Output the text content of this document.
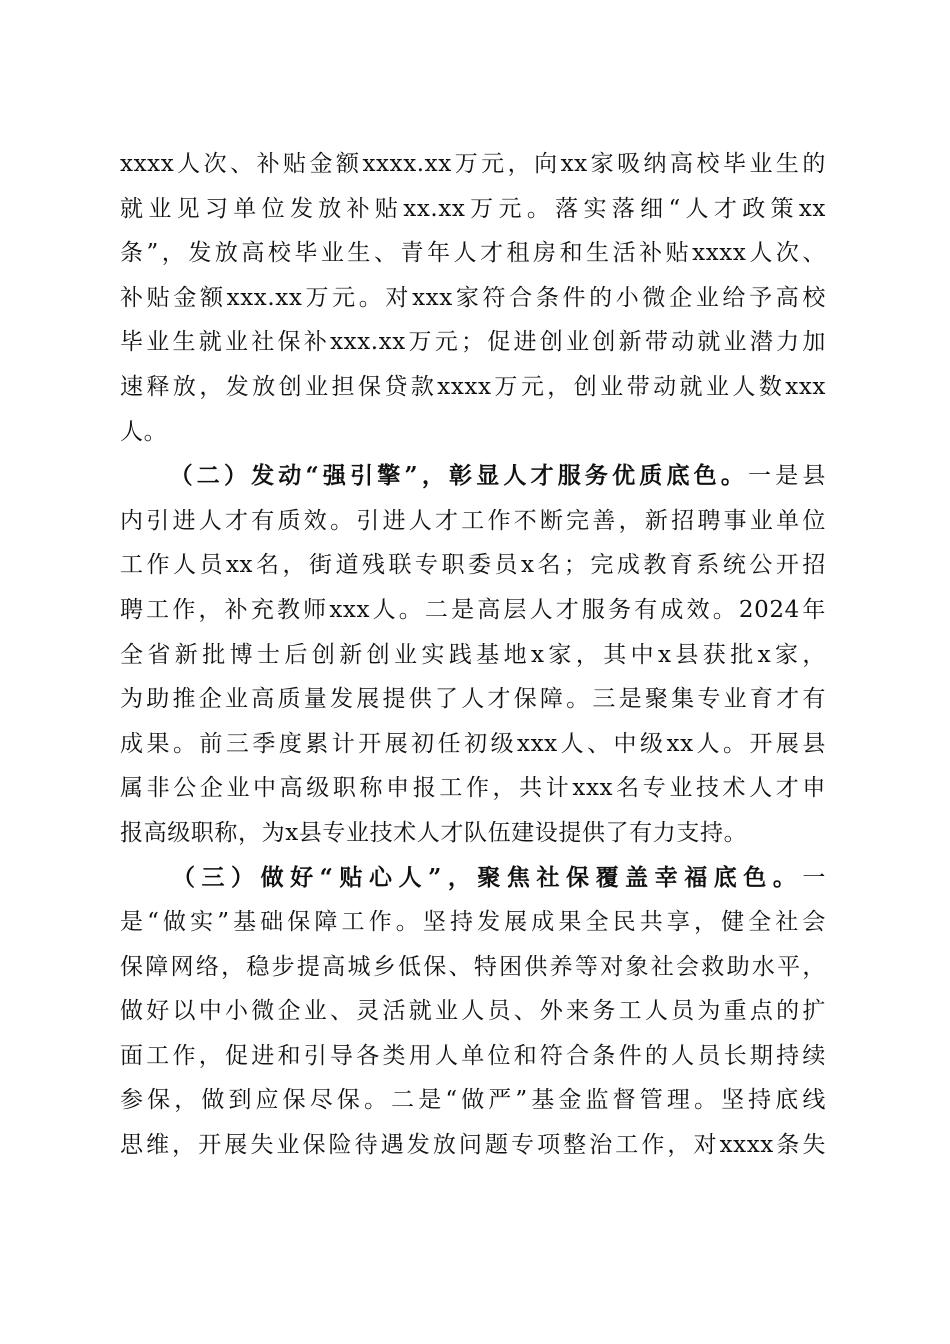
xxxx人次、补贴金额xxxx.xx万元，向xx家吸纳高校毕业生的
就业见习单位发放补贴xx.xx万元。落实落细“人才政策xx
条”，发放高校毕业生、青年人才租房和生活补贴xxxx人次、
补贴金额xxx.xx万元。对xxx家符合条件的小微企业给予高校
毕业生就业社保补xxx.xx万元；促进创业创新带动就业潜力加
速释放，发放创业担保贷款xxxx万元，创业带动就业人数xxx
人。
（二）发动“强引擎”，彰显人才服务优质底色。一是县
内引进人才有质效。引进人才工作不断完善，新招聘事业单位
工作人员xx名，街道残联专职委员x名；完成教育系统公开招
聘工作，补充教师xxx人。二是高层人才服务有成效。2024年
全省新批博士后创新创业实践基地x家，其中x县获批x家，
为助推企业高质量发展提供了人才保障。三是聚集专业育才有
成果。前三季度累计开展初任初级xxx人、中级xx人。开展县
属非公企业中高级职称申报工作，共计xxx名专业技术人才申
报高级职称，为x县专业技术人才队伍建设提供了有力支持。
（三）做好“贴心人”，聚焦社保覆盖幸福底色。一
是“做实”基础保障工作。坚持发展成果全民共享，健全社会
保障网络，稳步提高城乡低保、特困供养等对象社会救助水平，
做好以中小微企业、灵活就业人员、外来务工人员为重点的扩
面工作，促进和引导各类用人单位和符合条件的人员长期持续
参保，做到应保尽保。二是“做严”基金监督管理。坚持底线
思维，开展失业保险待遇发放问题专项整治工作，对xxxx条失
